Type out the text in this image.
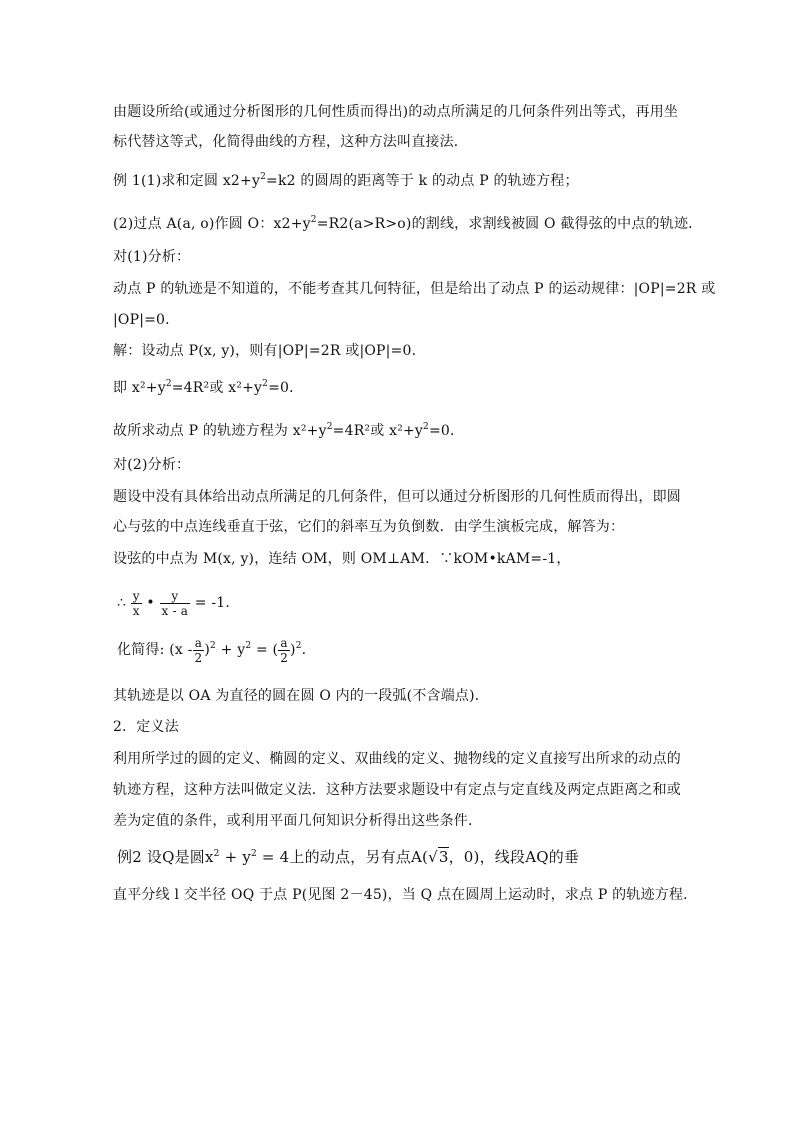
由题设所给(或通过分析图形的几何性质而得出)的动点所满足的几何条件列出等式，再用坐
标代替这等式，化简得曲线的方程，这种方法叫直接法．
例 1(1)求和定圆 $x2+y^2=k2$ 的圆周的距离等于 k 的动点 P 的轨迹方程；
(2)过点 A(a, o)作圆 O：$x2+y^2=R2(a>R>o)$的割线，求割线被圆 O 截得弦的中点的轨迹．
对(1)分析：
动点 P 的轨迹是不知道的，不能考查其几何特征，但是给出了动点 P 的运动规律：|OP|=2R 或
|OP|=0．
解：设动点 P(x, y)，则有|OP|=2R 或|OP|=0．
即 $x^2+y^2=4R^2$或 $x^2+y^2=0$．
故所求动点 P 的轨迹方程为 $x^2+y^2=4R^2$或 $x^2+y^2=0$．
对(2)分析：
题设中没有具体给出动点所满足的几何条件，但可以通过分析图形的几何性质而得出，即圆
心与弦的中点连线垂直于弦，它们的斜率互为负倒数．由学生演板完成，解答为：
设弦的中点为 M(x, y)，连结 OM，则 OM⊥AM．∵kOM•kAM=-1，
∴ $\frac{y}{x}$ • $\frac{y}{x - a} = -1$.
化简得: $(x - \frac{a}{2} )^2 + y^2$ = ( $\frac{a}{2} )^2$.
其轨迹是以 OA 为直径的圆在圆 O 内的一段弧(不含端点)．
2．定义法
利用所学过的圆的定义、椭圆的定义、双曲线的定义、抛物线的定义直接写出所求的动点的
轨迹方程，这种方法叫做定义法．这种方法要求题设中有定点与定直线及两定点距离之和或
差为定值的条件，或利用平面几何知识分析得出这些条件．
例2 设Q是圆$x^2 + y^2 = 4$上的动点，另有点A(√3，0)，线段AQ的垂
直平分线 l 交半径 OQ 于点 P(见图 2－45)，当 Q 点在圆周上运动时，求点 P 的轨迹方程．
